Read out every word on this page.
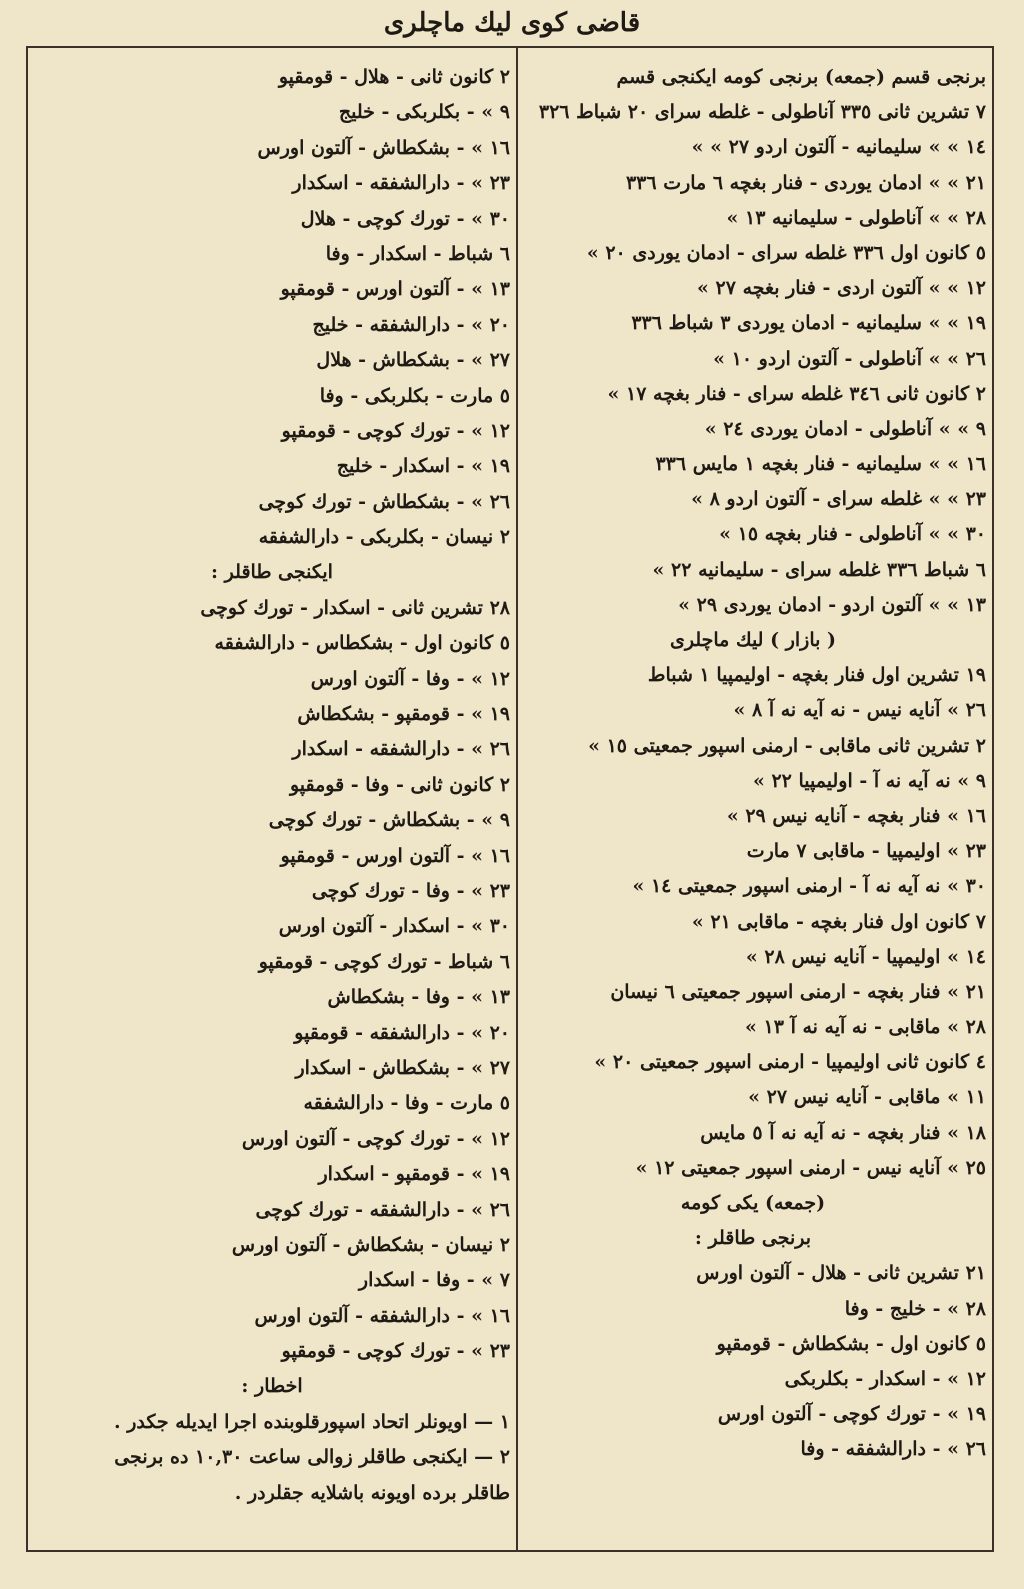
قاضی كوی ليك ماچلری
برنجی قسم (جمعه) برنجی كومه ايكنجی قسم
٧ تشرين ثانی ٣٣٥ آناطولی - غلطه سرای ٢٠ شباط ٣٢٦
١٤ » » سليمانيه - آلتون اردو ٢٧ » »
٢١ » » ادمان يوردی - فنار بغچه ٦ مارت ٣٣٦
٢٨ » » آناطولی - سليمانيه ١٣ »
٥ كانون اول ٣٣٦ غلطه سرای - ادمان يوردی ٢٠ »
١٢ » » آلتون اردی - فنار بغچه ٢٧ »
١٩ » » سليمانيه - ادمان يوردی ٣ شباط ٣٣٦
٢٦ » » آناطولی - آلتون اردو ١٠ »
٢ كانون ثانی ٣٤٦ غلطه سرای - فنار بغچه ١٧ »
٩ » » آناطولی - ادمان يوردی ٢٤ »
١٦ » » سليمانيه - فنار بغچه ١ مايس ٣٣٦
٢٣ » » غلطه سرای - آلتون اردو ٨ »
٣٠ » » آناطولی - فنار بغچه ١٥ »
٦ شباط ٣٣٦ غلطه سرای - سليمانيه ٢٢ »
١٣ » » آلتون اردو - ادمان يوردی ٢٩ »
( بازار ) ليك ماچلری
١٩ تشرين اول فنار بغچه - اوليمپيا ١ شباط
٢٦ » آنايه نيس - نه آيه نه آ ٨ »
٢ تشرين ثانی ماقابی - ارمنی اسپور جمعيتی ١٥ »
٩ » نه آيه نه آ - اوليمپيا ٢٢ »
١٦ » فنار بغچه - آنايه نيس ٢٩ »
٢٣ » اوليمپيا - ماقابی ٧ مارت
٣٠ » نه آيه نه آ - ارمنی اسپور جمعيتی ١٤ »
٧ كانون اول فنار بغچه - ماقابی ٢١ »
١٤ » اوليمپيا - آنايه نيس ٢٨ »
٢١ » فنار بغچه - ارمنی اسپور جمعيتی ٦ نيسان
٢٨ » ماقابی - نه آيه نه آ ١٣ »
٤ كانون ثانی اوليمپيا - ارمنی اسپور جمعيتی ٢٠ »
١١ » ماقابی - آنايه نيس ٢٧ »
١٨ » فنار بغچه - نه آيه نه آ ٥ مايس
٢٥ » آنايه نيس - ارمنی اسپور جمعيتی ١٢ »
(جمعه) يكی كومه
برنجی طاقلر :
٢١ تشرين ثانی - هلال - آلتون اورس
٢٨ » - خليج - وفا
٥ كانون اول - بشكطاش - قومقپو
١٢ » - اسكدار - بكلربكی
١٩ » - تورك كوچی - آلتون اورس
٢٦ » - دارالشفقه - وفا
٢ كانون ثانی - هلال - قومقپو
٩ » - بكلربكی - خليج
١٦ » - بشكطاش - آلتون اورس
٢٣ » - دارالشفقه - اسكدار
٣٠ » - تورك كوچی - هلال
٦ شباط - اسكدار - وفا
١٣ » - آلتون اورس - قومقپو
٢٠ » - دارالشفقه - خليج
٢٧ » - بشكطاش - هلال
٥ مارت - بكلربكی - وفا
١٢ » - تورك كوچی - قومقپو
١٩ » - اسكدار - خليج
٢٦ » - بشكطاش - تورك كوچی
٢ نيسان - بكلربكی - دارالشفقه
ايكنجی طاقلر :
٢٨ تشرين ثانی - اسكدار - تورك كوچی
٥ كانون اول - بشكطاس - دارالشفقه
١٢ » - وفا - آلتون اورس
١٩ » - قومقپو - بشكطاش
٢٦ » - دارالشفقه - اسكدار
٢ كانون ثانی - وفا - قومقپو
٩ » - بشكطاش - تورك كوچی
١٦ » - آلتون اورس - قومقپو
٢٣ » - وفا - تورك كوچی
٣٠ » - اسكدار - آلتون اورس
٦ شباط - تورك كوچی - قومقپو
١٣ » - وفا - بشكطاش
٢٠ » - دارالشفقه - قومقپو
٢٧ » - بشكطاش - اسكدار
٥ مارت - وفا - دارالشفقه
١٢ » - تورك كوچی - آلتون اورس
١٩ » - قومقپو - اسكدار
٢٦ » - دارالشفقه - تورك كوچی
٢ نيسان - بشكطاش - آلتون اورس
٧ » - وفا - اسكدار
١٦ » - دارالشفقه - آلتون اورس
٢٣ » - تورك كوچی - قومقپو
اخطار :
١ — اويونلر اتحاد اسپورقلوبنده اجرا ايديله جكدر .
٢ — ايكنجی طاقلر زوالی ساعت ١٠,٣٠ ده برنجی
طاقلر برده اويونه باشلايه جقلردر .
